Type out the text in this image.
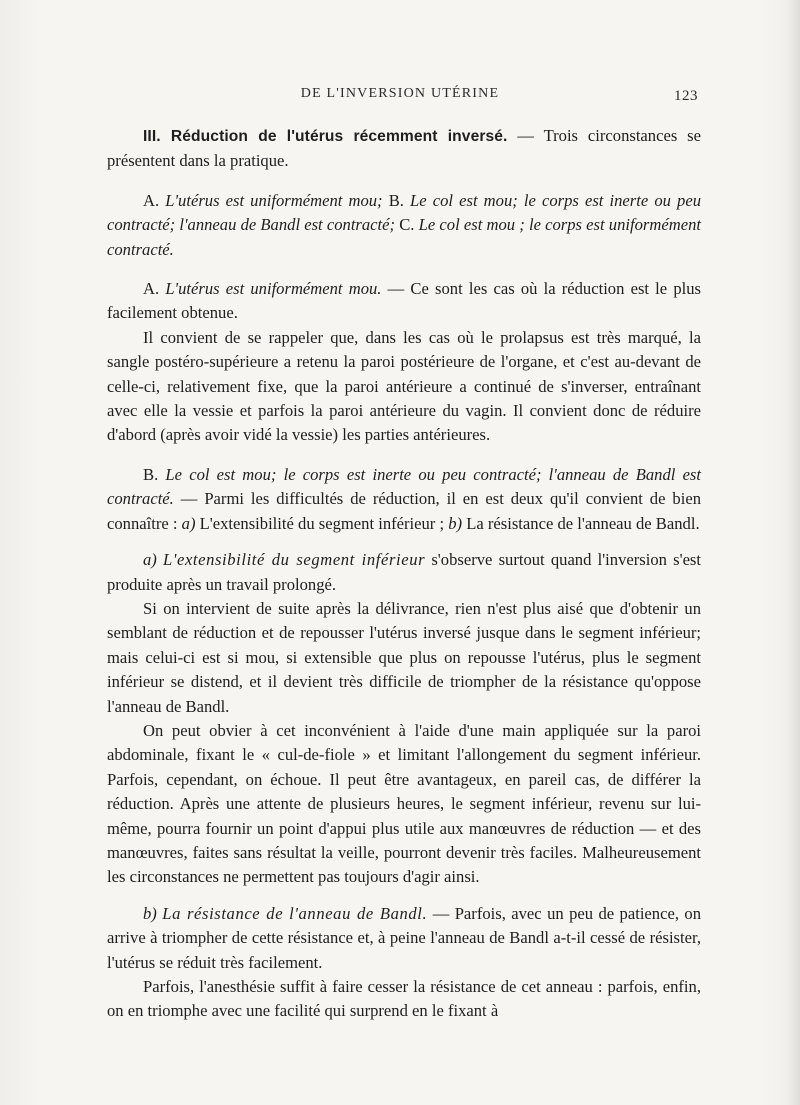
DE L'INVERSION UTÉRINE	123

III. Réduction de l'utérus récemment inversé. — Trois circonstances se présentent dans la pratique.

A. L'utérus est uniformément mou; B. Le col est mou; le corps est inerte ou peu contracté; l'anneau de Bandl est contracté; C. Le col est mou ; le corps est uniformément contracté.

A. L'utérus est uniformément mou. — Ce sont les cas où la réduction est le plus facilement obtenue.

Il convient de se rappeler que, dans les cas où le prolapsus est très marqué, la sangle postéro-supérieure a retenu la paroi postérieure de l'organe, et c'est au-devant de celle-ci, relativement fixe, que la paroi antérieure a continué de s'inverser, entraînant avec elle la vessie et parfois la paroi antérieure du vagin. Il convient donc de réduire d'abord (après avoir vidé la vessie) les parties antérieures.

B. Le col est mou; le corps est inerte ou peu contracté; l'anneau de Bandl est contracté. — Parmi les difficultés de réduction, il en est deux qu'il convient de bien connaître : a) L'extensibilité du segment inférieur ; b) La résistance de l'anneau de Bandl.

a) L'extensibilité du segment inférieur s'observe surtout quand l'inversion s'est produite après un travail prolongé.

Si on intervient de suite après la délivrance, rien n'est plus aisé que d'obtenir un semblant de réduction et de repousser l'utérus inversé jusque dans le segment inférieur; mais celui-ci est si mou, si extensible que plus on repousse l'utérus, plus le segment inférieur se distend, et il devient très difficile de triompher de la résistance qu'oppose l'anneau de Bandl.

On peut obvier à cet inconvénient à l'aide d'une main appliquée sur la paroi abdominale, fixant le « cul-de-fiole » et limitant l'allongement du segment inférieur. Parfois, cependant, on échoue. Il peut être avantageux, en pareil cas, de différer la réduction. Après une attente de plusieurs heures, le segment inférieur, revenu sur lui-même, pourra fournir un point d'appui plus utile aux manœuvres de réduction — et des manœuvres, faites sans résultat la veille, pourront devenir très faciles. Malheureusement les circonstances ne permettent pas toujours d'agir ainsi.

b) La résistance de l'anneau de Bandl. — Parfois, avec un peu de patience, on arrive à triompher de cette résistance et, à peine l'anneau de Bandl a-t-il cessé de résister, l'utérus se réduit très facilement.

Parfois, l'anesthésie suffit à faire cesser la résistance de cet anneau : parfois, enfin, on en triomphe avec une facilité qui surprend en le fixant à
